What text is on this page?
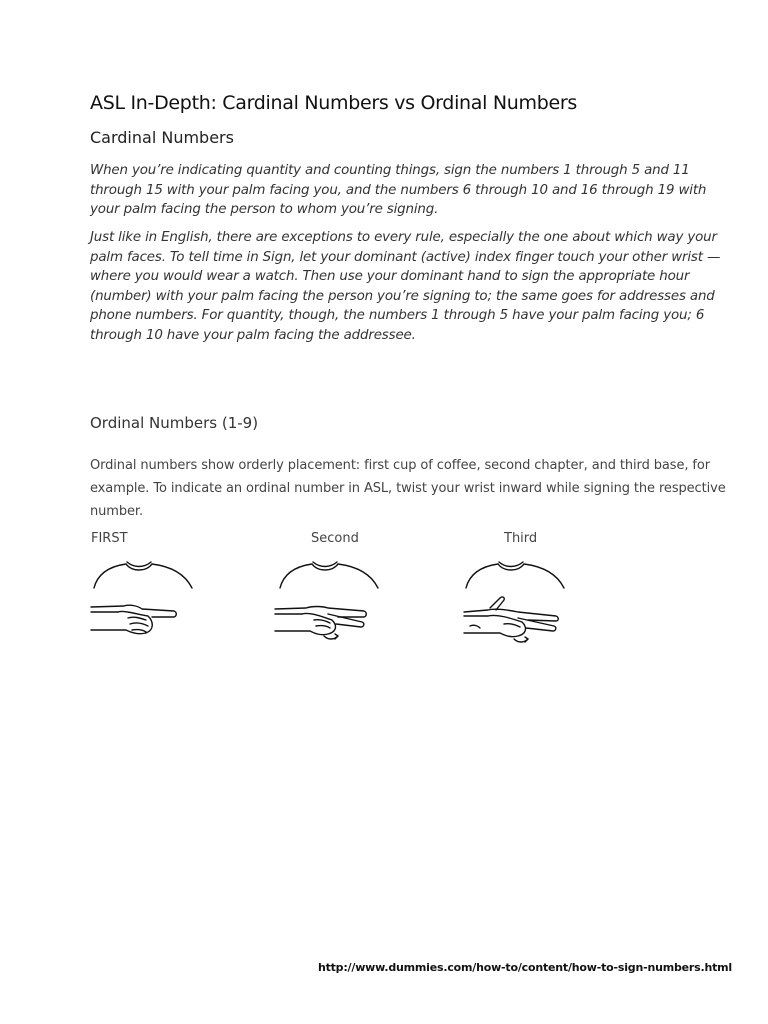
ASL In-Depth: Cardinal Numbers vs Ordinal Numbers
Cardinal Numbers

When you’re indicating quantity and counting things, sign the numbers 1 through 5 and 11 through 15 with your palm facing you, and the numbers 6 through 10 and 16 through 19 with your palm facing the person to whom you’re signing.

Just like in English, there are exceptions to every rule, especially the one about which way your palm faces. To tell time in Sign, let your dominant (active) index finger touch your other wrist — where you would wear a watch. Then use your dominant hand to sign the appropriate hour (number) with your palm facing the person you’re signing to; the same goes for addresses and phone numbers. For quantity, though, the numbers 1 through 5 have your palm facing you; 6 through 10 have your palm facing the addressee.

Ordinal Numbers (1-9)

Ordinal numbers show orderly placement: first cup of coffee, second chapter, and third base, for example. To indicate an ordinal number in ASL, twist your wrist inward while signing the respective number.

FIRST	Second	Third
http://www.dummies.com/how-to/content/how-to-sign-numbers.html
